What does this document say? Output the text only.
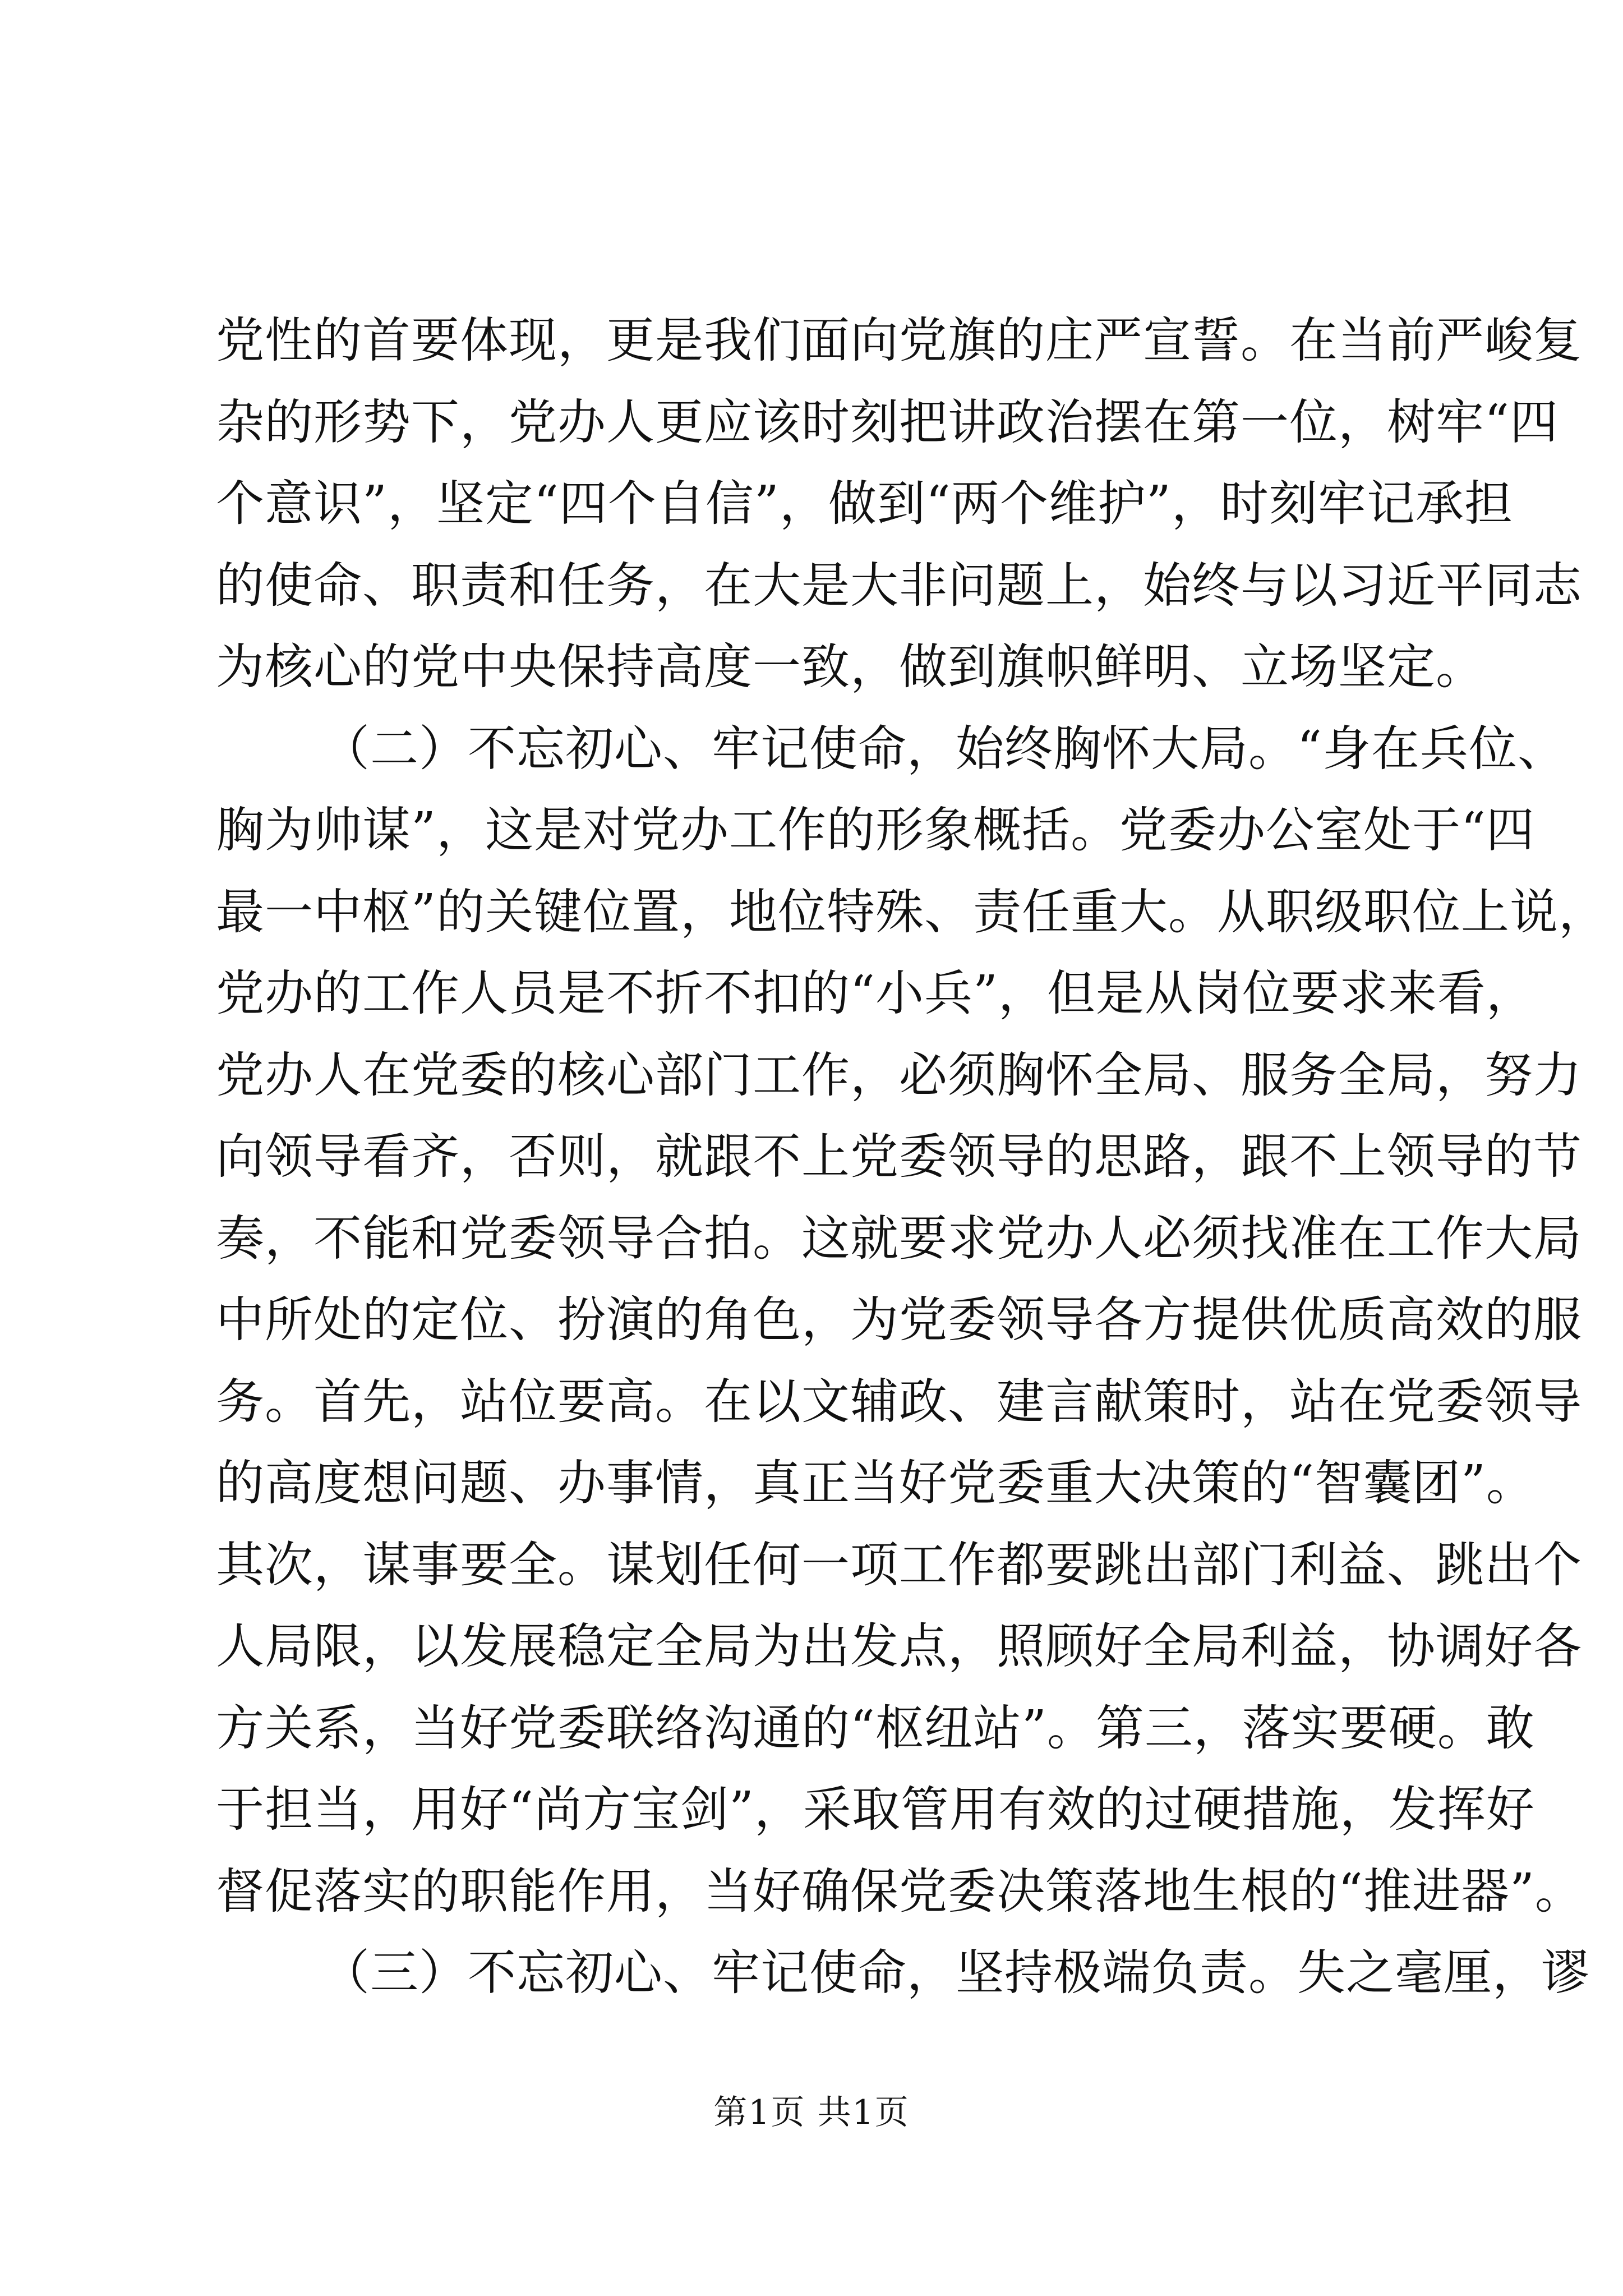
党性的首要体现，更是我们面向党旗的庄严宣誓。在当前严峻复
杂的形势下，党办人更应该时刻把讲政治摆在第一位，树牢“四
个意识”，坚定“四个自信”，做到“两个维护”，时刻牢记承担
的使命、职责和任务，在大是大非问题上，始终与以习近平同志
为核心的党中央保持高度一致，做到旗帜鲜明、立场坚定。
（二）不忘初心、牢记使命，始终胸怀大局。“身在兵位、
胸为帅谋”，这是对党办工作的形象概括。党委办公室处于“四
最一中枢”的关键位置，地位特殊、责任重大。从职级职位上说，
党办的工作人员是不折不扣的“小兵”，但是从岗位要求来看，
党办人在党委的核心部门工作，必须胸怀全局、服务全局，努力
向领导看齐，否则，就跟不上党委领导的思路，跟不上领导的节
奏，不能和党委领导合拍。这就要求党办人必须找准在工作大局
中所处的定位、扮演的角色，为党委领导各方提供优质高效的服
务。首先，站位要高。在以文辅政、建言献策时，站在党委领导
的高度想问题、办事情，真正当好党委重大决策的“智囊团”。
其次，谋事要全。谋划任何一项工作都要跳出部门利益、跳出个
人局限，以发展稳定全局为出发点，照顾好全局利益，协调好各
方关系，当好党委联络沟通的“枢纽站”。第三，落实要硬。敢
于担当，用好“尚方宝剑”，采取管用有效的过硬措施，发挥好
督促落实的职能作用，当好确保党委决策落地生根的“推进器”。
（三）不忘初心、牢记使命，坚持极端负责。失之毫厘，谬
第1页 共1页
